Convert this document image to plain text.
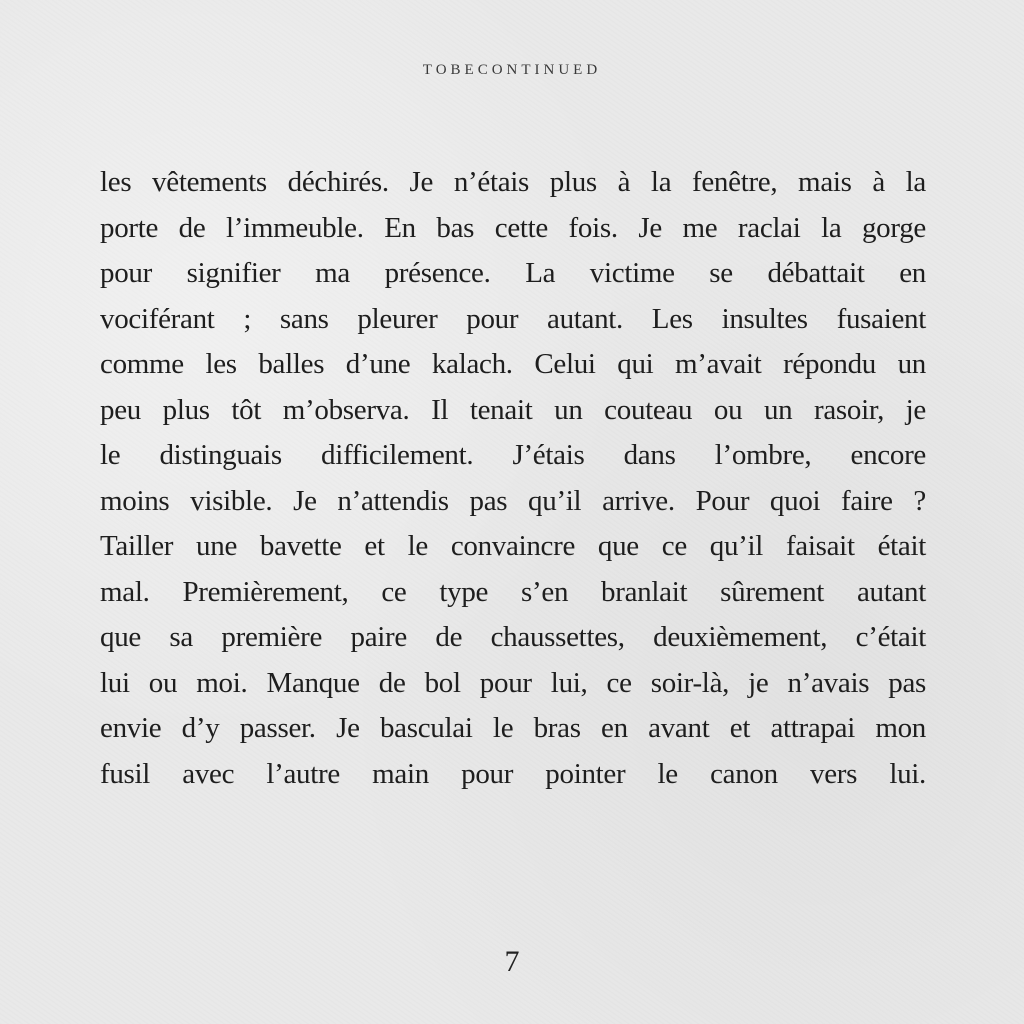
TOBECONTINUED
les vêtements déchirés. Je n’étais plus à la fenêtre, mais à la
porte de l’immeuble. En bas cette fois. Je me raclai la gorge
pour signifier ma présence. La victime se débattait en
vociférant ; sans pleurer pour autant. Les insultes fusaient
comme les balles d’une kalach. Celui qui m’avait répondu un
peu plus tôt m’observa. Il tenait un couteau ou un rasoir, je
le distinguais difficilement. J’étais dans l’ombre, encore
moins visible. Je n’attendis pas qu’il arrive. Pour quoi faire ?
Tailler une bavette et le convaincre que ce qu’il faisait était
mal. Premièrement, ce type s’en branlait sûrement autant
que sa première paire de chaussettes, deuxièmement, c’était
lui ou moi. Manque de bol pour lui, ce soir-là, je n’avais pas
envie d’y passer. Je basculai le bras en avant et attrapai mon
fusil avec l’autre main pour pointer le canon vers lui.
7
